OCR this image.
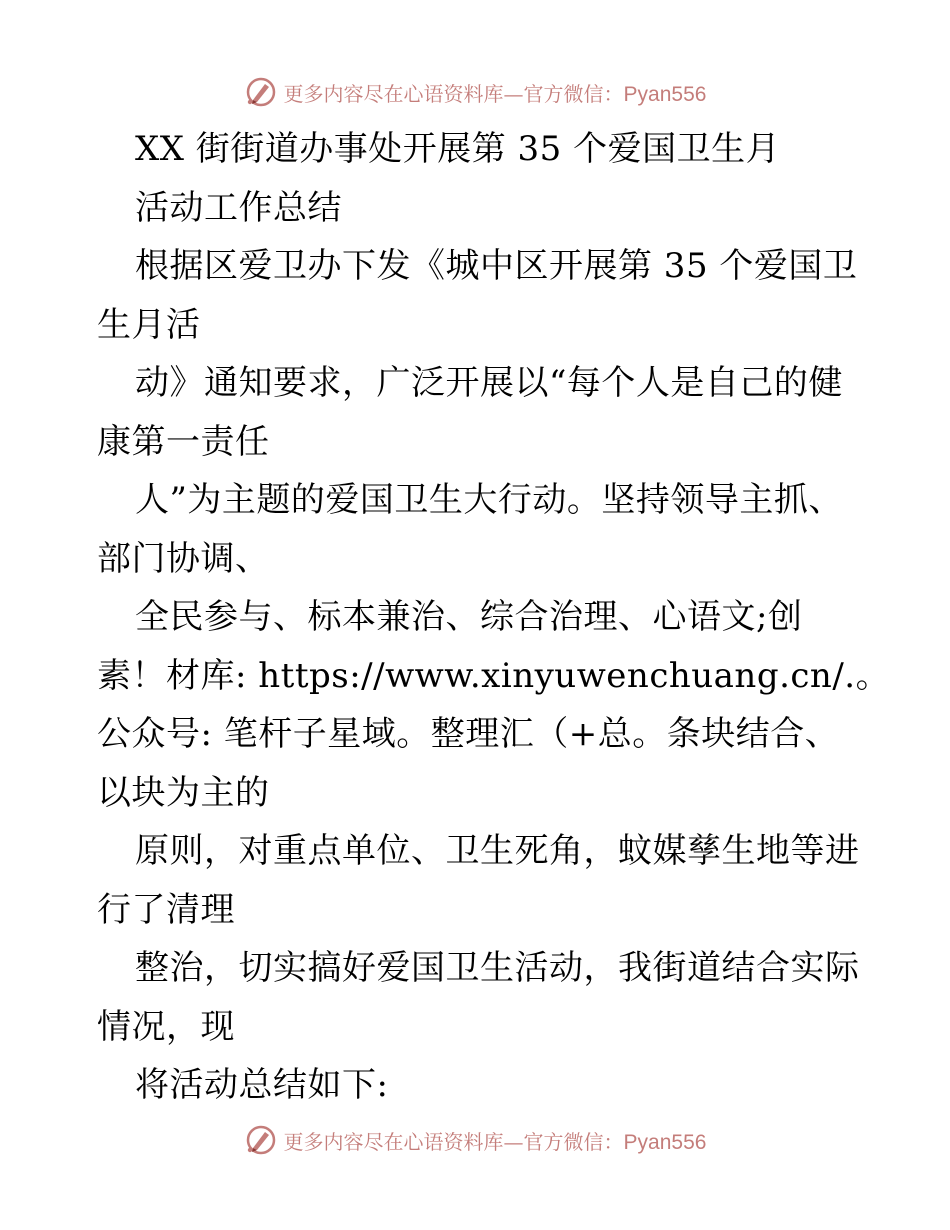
更多内容尽在心语资料库—官方微信：Pyan556
XX 街街道办事处开展第 35 个爱国卫生月
活动工作总结
根据区爱卫办下发《城中区开展第 35 个爱国卫
生月活
动》通知要求，广泛开展以“每个人是自己的健
康第一责任
人”为主题的爱国卫生大行动。坚持领导主抓、
部门协调、
全民参与、标本兼治、综合治理、心语文;创
素！材库: https://www.xinyuwenchuang.cn/.。
公众号: 笔杆子星域。整理汇（+总。条块结合、
以块为主的
原则，对重点单位、卫生死角，蚊媒孳生地等进
行了清理
整治，切实搞好爱国卫生活动，我街道结合实际
情况，现
将活动总结如下:
更多内容尽在心语资料库—官方微信：Pyan556
